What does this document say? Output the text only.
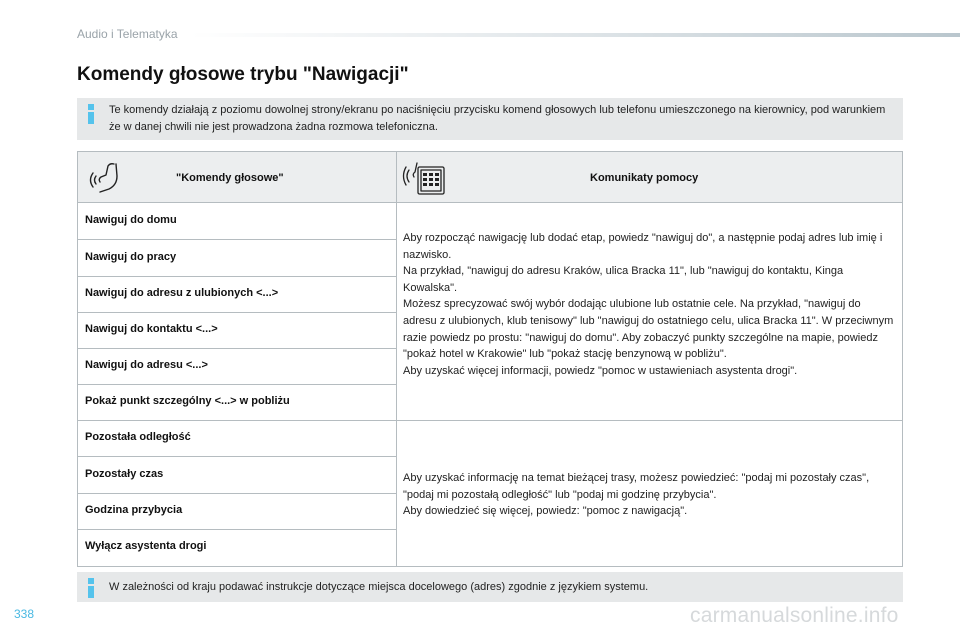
Audio i Telematyka
Komendy głosowe trybu "Nawigacji"

Te komendy działają z poziomu dowolnej strony/ekranu po naciśnięciu przycisku komend głosowych lub telefonu umieszczonego na kierownicy, pod warunkiem że w danej chwili nie jest prowadzona żadna rozmowa telefoniczna.

"Komendy głosowe"	Komunikaty pomocy
Nawiguj do domu
Nawiguj do pracy
Nawiguj do adresu z ulubionych <...>
Nawiguj do kontaktu <...>
Nawiguj do adresu <...>
Pokaż punkt szczególny <...> w pobliżu
Pozostała odległość
Pozostały czas
Godzina przybycia
Wyłącz asystenta drogi

Aby rozpocząć nawigację lub dodać etap, powiedz "nawiguj do", a następnie podaj adres lub imię i nazwisko.
Na przykład, "nawiguj do adresu Kraków, ulica Bracka 11", lub "nawiguj do kontaktu, Kinga Kowalska".
Możesz sprecyzować swój wybór dodając ulubione lub ostatnie cele. Na przykład, "nawiguj do adresu z ulubionych, klub tenisowy" lub "nawiguj do ostatniego celu, ulica Bracka 11". W przeciwnym razie powiedz po prostu: "nawiguj do domu". Aby zobaczyć punkty szczególne na mapie, powiedz "pokaż hotel w Krakowie" lub "pokaż stację benzynową w pobliżu".
Aby uzyskać więcej informacji, powiedz "pomoc w ustawieniach asystenta drogi".

Aby uzyskać informację na temat bieżącej trasy, możesz powiedzieć: "podaj mi pozostały czas", "podaj mi pozostałą odległość" lub "podaj mi godzinę przybycia".
Aby dowiedzieć się więcej, powiedz: "pomoc z nawigacją".

W zależności od kraju podawać instrukcje dotyczące miejsca docelowego (adres) zgodnie z językiem systemu.

338	carmanualsonline.info
